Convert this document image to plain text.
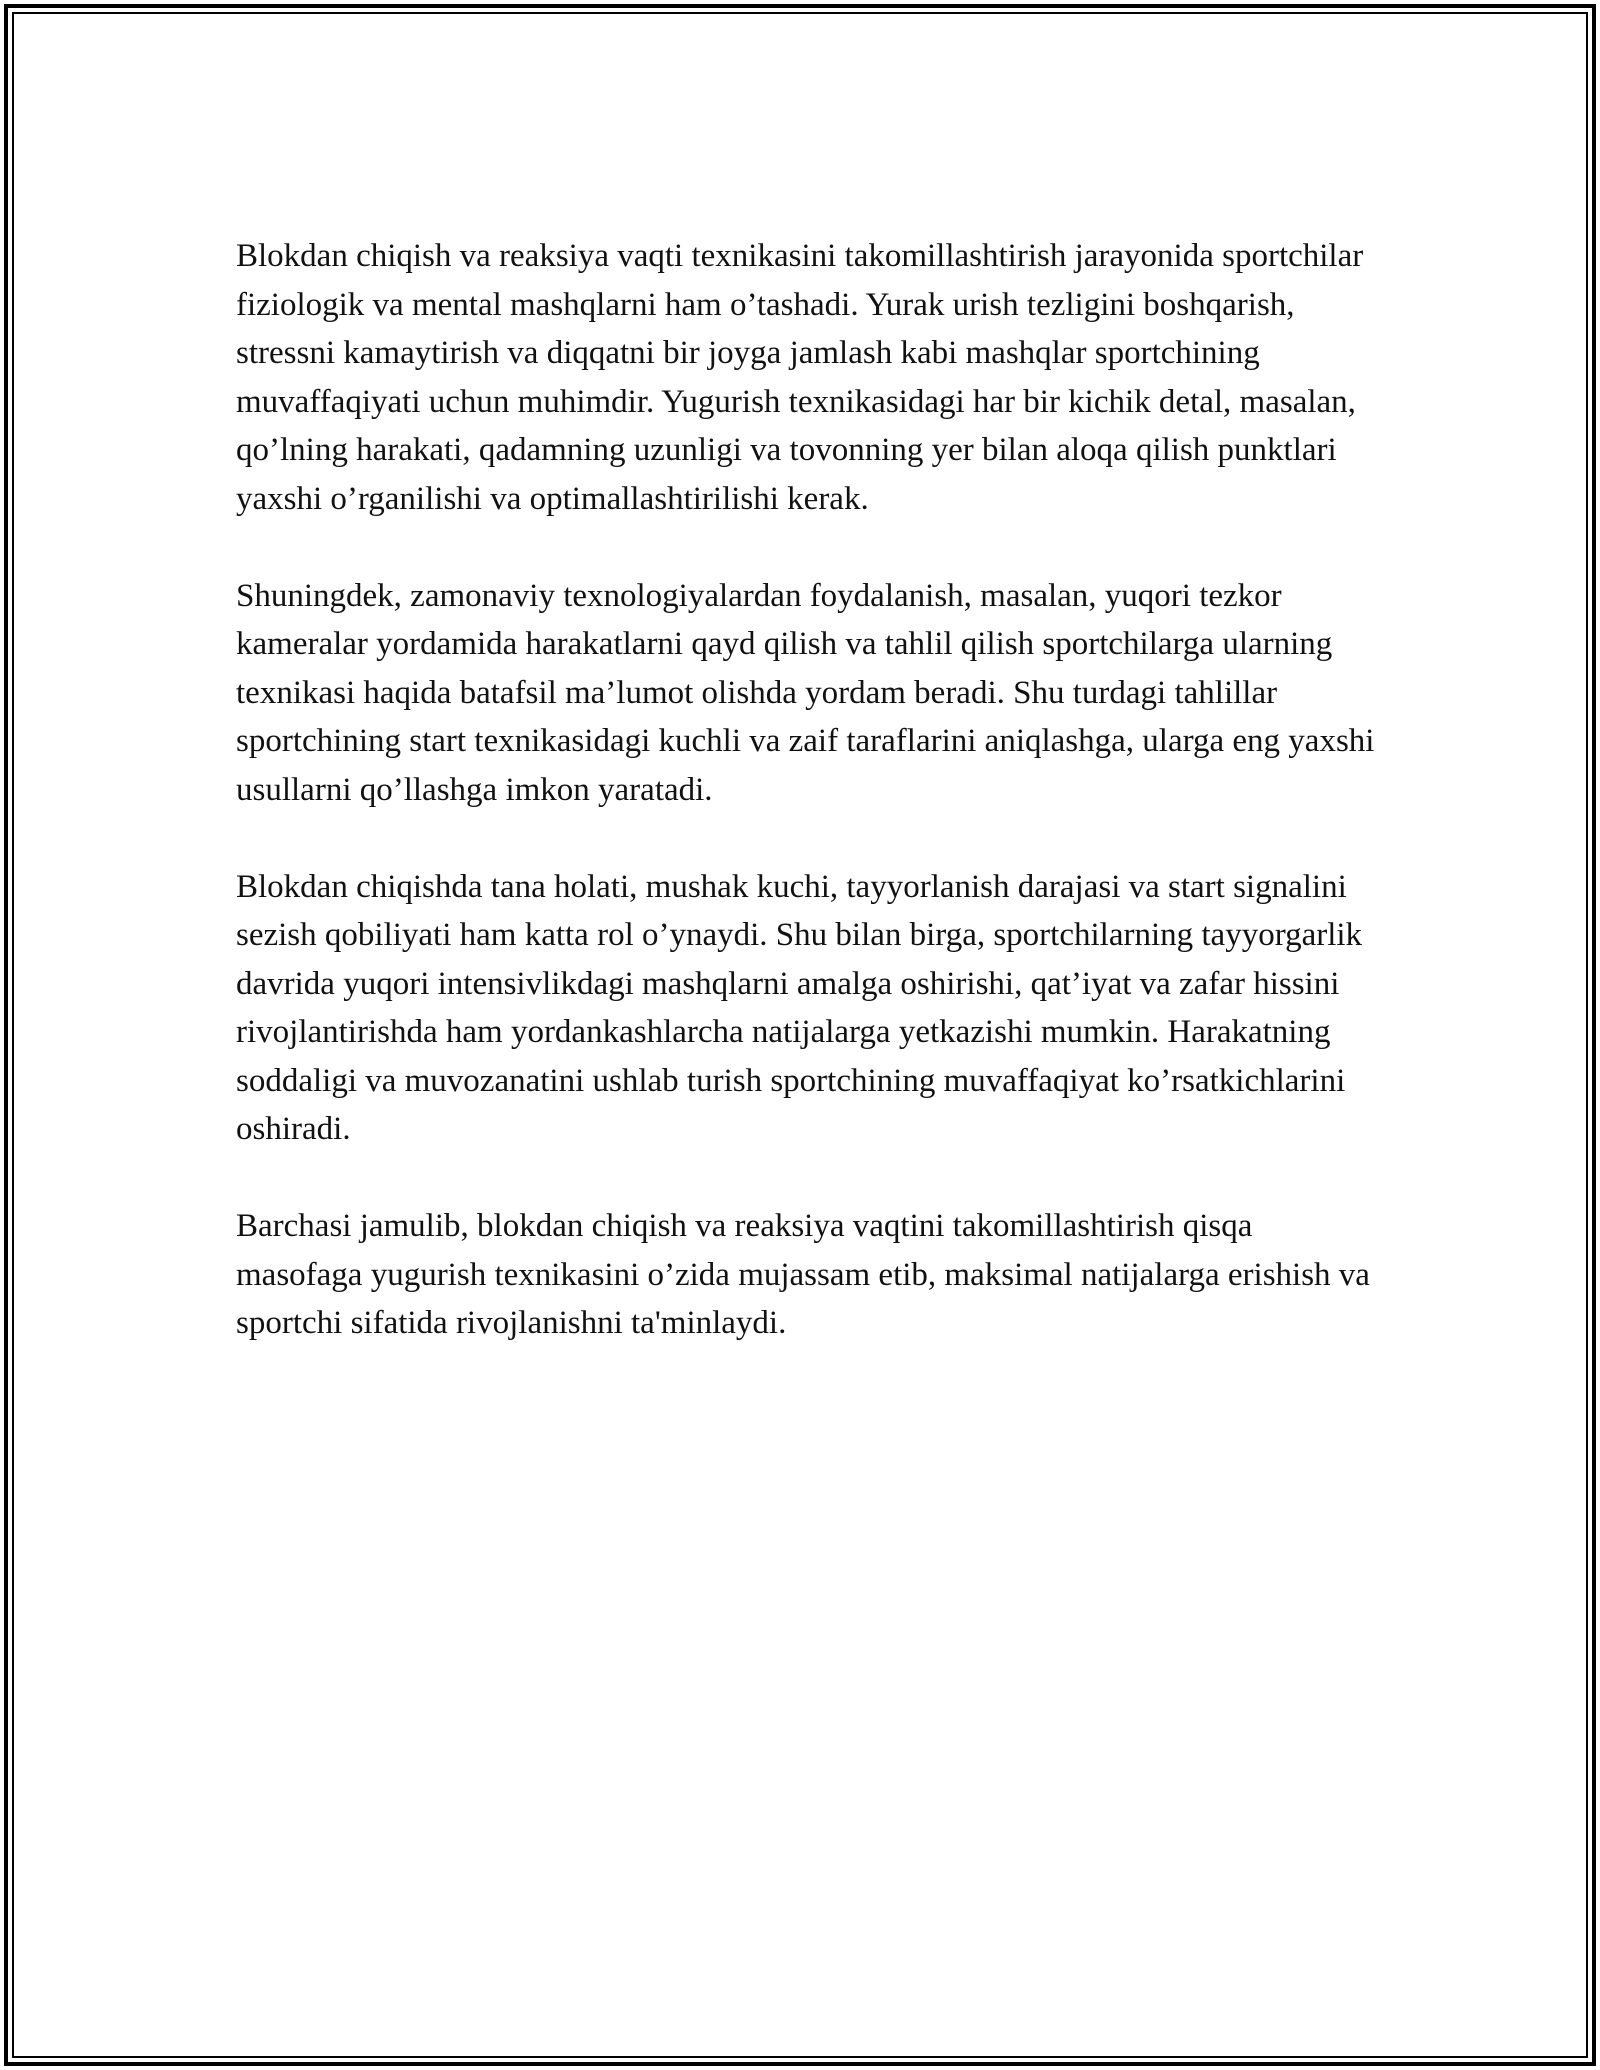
Blokdan chiqish va reaksiya vaqti texnikasini takomillashtirish jarayonida sportchilar fiziologik va mental mashqlarni ham o’tashadi. Yurak urish tezligini boshqarish, stressni kamaytirish va diqqatni bir joyga jamlash kabi mashqlar sportchining muvaffaqiyati uchun muhimdir. Yugurish texnikasidagi har bir kichik detal, masalan, qo’lning harakati, qadamning uzunligi va tovonning yer bilan aloqa qilish punktlari yaxshi o’rganilishi va optimallashtirilishi kerak.

Shuningdek, zamonaviy texnologiyalardan foydalanish, masalan, yuqori tezkor kameralar yordamida harakatlarni qayd qilish va tahlil qilish sportchilarga ularning texnikasi haqida batafsil ma’lumot olishda yordam beradi. Shu turdagi tahlillar sportchining start texnikasidagi kuchli va zaif taraflarini aniqlashga, ularga eng yaxshi usullarni qo’llashga imkon yaratadi.

Blokdan chiqishda tana holati, mushak kuchi, tayyorlanish darajasi va start signalini sezish qobiliyati ham katta rol o’ynaydi. Shu bilan birga, sportchilarning tayyorgarlik davrida yuqori intensivlikdagi mashqlarni amalga oshirishi, qat’iyat va zafar hissini rivojlantirishda ham yordankashlarcha natijalarga yetkazishi mumkin. Harakatning soddaligi va muvozanatini ushlab turish sportchining muvaffaqiyat ko’rsatkichlarini oshiradi.

Barchasi jamulib, blokdan chiqish va reaksiya vaqtini takomillashtirish qisqa masofaga yugurish texnikasini o’zida mujassam etib, maksimal natijalarga erishish va sportchi sifatida rivojlanishni ta'minlaydi.
